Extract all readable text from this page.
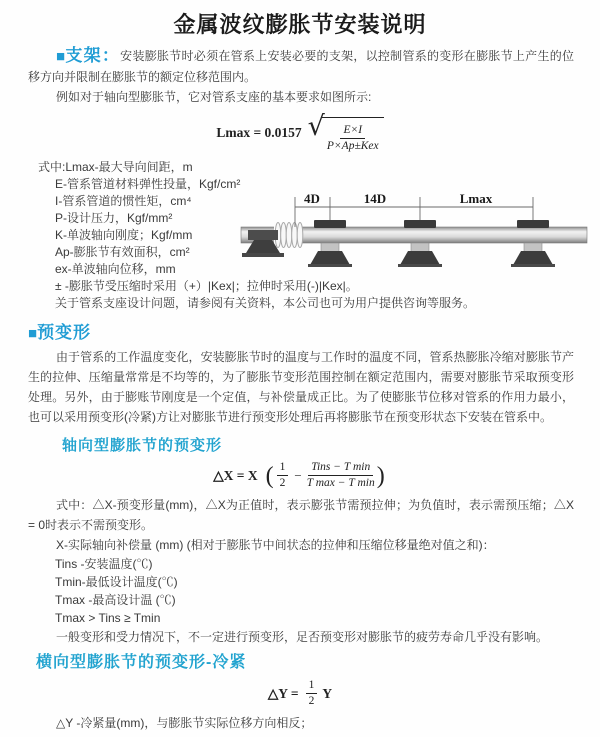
金属波纹膨胀节安装说明

■支架：安装膨胀节时必须在管系上安装必要的支架，以控制管系的变形在膨胀节上产生的位移方向并限制在膨胀节的额定位移范围内。

例如对于轴向型膨胀节，它对管系支座的基本要求如图所示:

Lmax = 0.0157 √ $\frac{E\times I}{\text{P×Ap±Kex}}$
式中:Lmax-最大导向间距，m
E-管系管道材料弹性投量，Kgf/cm²
I-管系管道的惯性矩，cm⁴
P-设计压力，Kgf/mm²
K-单波轴向刚度；Kgf/mm
Ap-膨胀节有效面积，cm²
ex-单波轴向位移，mm
± -膨胀节受压缩时采用（+）|Kex|；拉伸时采用(-)|Kex|。
关于管系支座设计问题，请参阅有关资料，本公司也可为用户提供咨询等服务。
4D	14D	Lmax
■预变形

由于管系的工作温度变化，安装膨胀节时的温度与工作时的温度不同，管系热膨胀冷缩对膨胀节产生的拉伸、压缩量常常是不均等的，为了膨胀节变形范围控制在额定范围内，需要对膨胀节采取预变形处理。另外，由于膨账节刚度是一个定值，与补偿量成正比。为了使膨胀节位移对管系的作用力最小，也可以采用预变形(冷紧)方让对膨胀节进行预变形处理后再将膨胀节在预变形状态下安装在管系中。

轴向型膨胀节的预变形
△X = X ( $\frac{1}{2} - \frac{\text{Tins − T min}}{\text{T max − T min}}$ )

式中：△X-预变形量(mm)，△X为正值时，表示膨张节需预拉伸；为负值时，表示需预压缩；△X = 0时表示不需预变形。

X-实际轴向补偿量 (mm) (相对于膨胀节中间状态的拉伸和压缩位移量绝对值之和)：

Tins -安装温度(℃)
Tmin-最低设计温度(℃)
Tmax -最高设计温 (℃)
Tmax > Tins ≥ Tmin

一般变形和受力情况下，不一定进行预变形，足否预变形对膨胀节的疲劳寿命几乎没有影响。

横向型膨胀节的预变形-冷紧
△Y = $\frac{1}{2}$ Y

△Y -冷紧量(mm)，与膨胀节实际位移方向相反；
